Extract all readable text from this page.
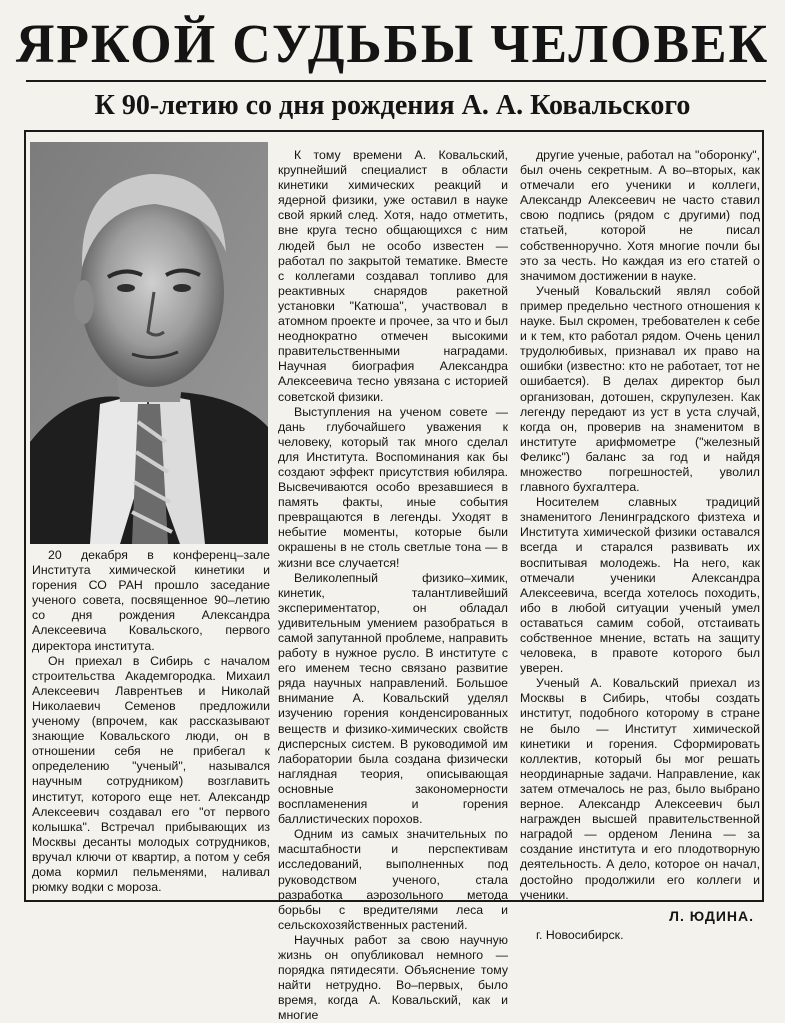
ЯРКОЙ СУДЬБЫ ЧЕЛОВЕК
К 90-летию со дня рождения А. А. Ковальского

20 декабря в конференц–зале Института химической кинетики и горения СО РАН прошло заседание ученого совета, посвященное 90–летию со дня рождения Александра Алексеевича Ковальского, первого директора института.

Он приехал в Сибирь с началом строительства Академгородка. Михаил Алексеевич Лаврентьев и Николай Николаевич Семенов предложили ученому (впрочем, как рассказывают знающие Ковальского люди, он в отношении себя не прибегал к определению "ученый", назывался научным сотрудником) возглавить институт, которого еще нет. Александр Алексеевич создавал его "от первого колышка". Встречал прибывающих из Москвы десанты молодых сотрудников, вручал ключи от квартир, а потом у себя дома кормил пельменями, наливал рюмку водки с мороза.

К тому времени А. Ковальский, крупнейший специалист в области кинетики химических реакций и ядерной физики, уже оставил в науке свой яркий след. Хотя, надо отметить, вне круга тесно общающихся с ним людей был не особо известен — работал по закрытой тематике. Вместе с коллегами создавал топливо для реактивных снарядов ракетной установки "Катюша", участвовал в атомном проекте и прочее, за что и был неоднократно отмечен высокими правительственными наградами. Научная биография Александра Алексеевича тесно увязана с историей советской физики.

Выступления на ученом совете — дань глубочайшего уважения к человеку, который так много сделал для Института. Воспоминания как бы создают эффект присутствия юбиляра. Высвечиваются особо врезавшиеся в память факты, иные события превращаются в легенды. Уходят в небытие моменты, которые были окрашены в не столь светлые тона — в жизни все случается!

Великолепный физико–химик, кинетик, талантливейший экспериментатор, он обладал удивительным умением разобраться в самой запутанной проблеме, направить работу в нужное русло. В институте с его именем тесно связано развитие ряда научных направлений. Большое внимание А. Ковальский уделял изучению горения конденсированных веществ и физико-химических свойств дисперсных систем. В руководимой им лаборатории была создана физически наглядная теория, описывающая основные закономерности воспламенения и горения баллистических порохов.

Одним из самых значительных по масштабности и перспективам исследований, выполненных под руководством ученого, стала разработка аэрозольного метода борьбы с вредителями леса и сельскохозяйственных растений.

Научных работ за свою научную жизнь он опубликовал немного — порядка пятидесяти. Объяснение тому найти нетрудно. Во–первых, было время, когда А. Ковальский, как и многие

другие ученые, работал на "оборонку", был очень секретным. А во–вторых, как отмечали его ученики и коллеги, Александр Алексеевич не часто ставил свою подпись (рядом с другими) под статьей, которой не писал собственноручно. Хотя многие почли бы это за честь. Но каждая из его статей о значимом достижении в науке.

Ученый Ковальский являл собой пример предельно честного отношения к науке. Был скромен, требователен к себе и к тем, кто работал рядом. Очень ценил трудолюбивых, признавал их право на ошибки (известно: кто не работает, тот не ошибается). В делах директор был организован, дотошен, скрупулезен. Как легенду передают из уст в уста случай, когда он, проверив на знаменитом в институте арифмометре ("железный Феликс") баланс за год и найдя множество погрешностей, уволил главного бухгалтера.

Носителем славных традиций знаменитого Ленинградского физтеха и Института химической физики оставался всегда и старался развивать их воспитывая молодежь. На него, как отмечали ученики Александра Алексеевича, всегда хотелось походить, ибо в любой ситуации ученый умел оставаться самим собой, отстаивать собственное мнение, встать на защиту человека, в правоте которого был уверен.

Ученый А. Ковальский приехал из Москвы в Сибирь, чтобы создать институт, подобного которому в стране не было — Институт химической кинетики и горения. Сформировать коллектив, который бы мог решать неординарные задачи. Направление, как затем отмечалось не раз, было выбрано верное. Александр Алексеевич был награжден высшей правительственной наградой — орденом Ленина — за создание института и его плодотворную деятельность. А дело, которое он начал, достойно продолжили его коллеги и ученики.

Л. ЮДИНА.
г. Новосибирск.
